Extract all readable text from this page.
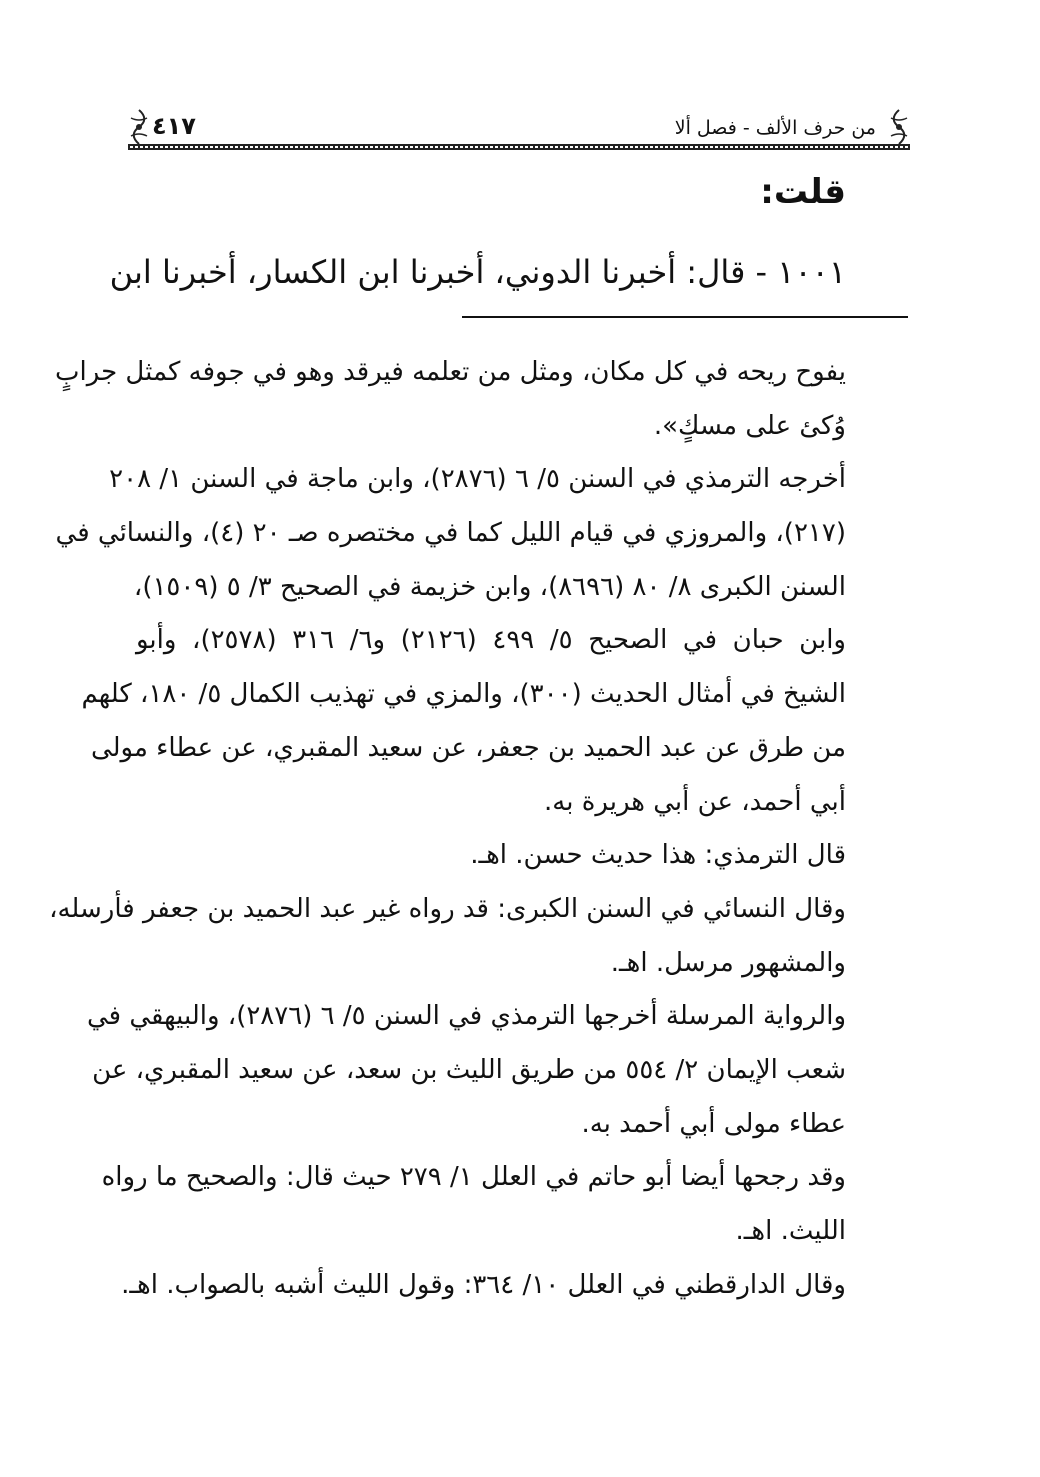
من حرف الألف - فصل ألا
٤١٧
قلت:
١٠٠١ - قال: أخبرنا الدوني، أخبرنا ابن الكسار، أخبرنا ابن
يفوح ريحه في كل مكان، ومثل من تعلمه فيرقد وهو في جوفه كمثل جرابٍ
وُكئ على مسكٍ».
أخرجه الترمذي في السنن ٥/ ٦ (٢٨٧٦)، وابن ماجة في السنن ١/ ٢٠٨
(٢١٧)، والمروزي في قيام الليل كما في مختصره صـ ٢٠ (٤)، والنسائي في
السنن الكبرى ٨/ ٨٠ (٨٦٩٦)، وابن خزيمة في الصحيح ٣/ ٥ (١٥٠٩)،
وابن حبان في الصحيح ٥/ ٤٩٩ (٢١٢٦) و٦/ ٣١٦ (٢٥٧٨)، وأبو
الشيخ في أمثال الحديث (٣٠٠)، والمزي في تهذيب الكمال ٥/ ١٨٠، كلهم
من طرق عن عبد الحميد بن جعفر، عن سعيد المقبري، عن عطاء مولى
أبي أحمد، عن أبي هريرة به.
قال الترمذي: هذا حديث حسن. اهـ.
وقال النسائي في السنن الكبرى: قد رواه غير عبد الحميد بن جعفر فأرسله،
والمشهور مرسل. اهـ.
والرواية المرسلة أخرجها الترمذي في السنن ٥/ ٦ (٢٨٧٦)، والبيهقي في
شعب الإيمان ٢/ ٥٥٤ من طريق الليث بن سعد، عن سعيد المقبري، عن
عطاء مولى أبي أحمد به.
وقد رجحها أيضا أبو حاتم في العلل ١/ ٢٧٩ حيث قال: والصحيح ما رواه
الليث. اهـ.
وقال الدارقطني في العلل ١٠/ ٣٦٤: وقول الليث أشبه بالصواب. اهـ.
